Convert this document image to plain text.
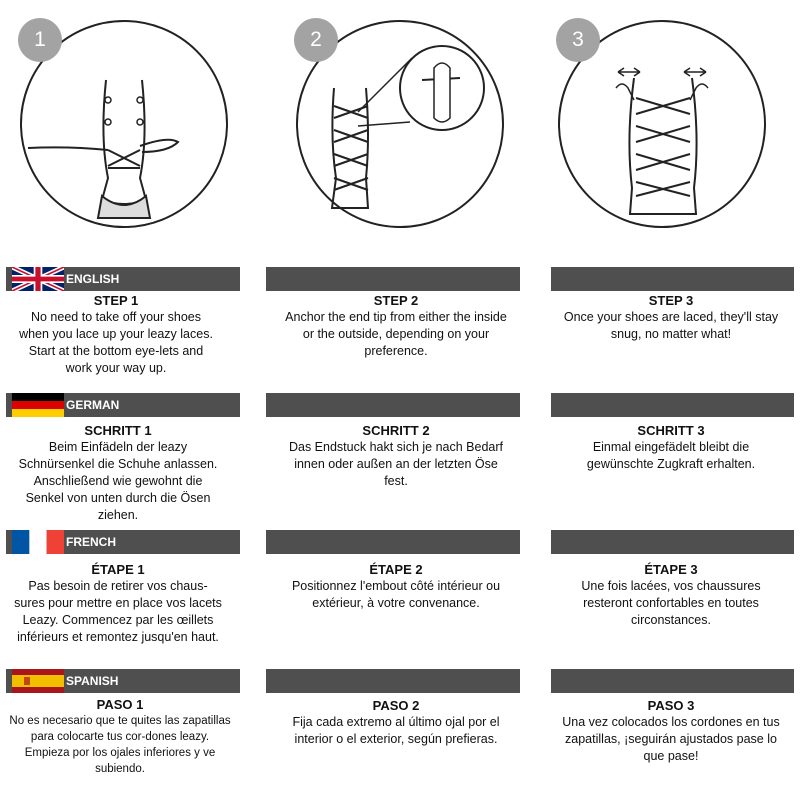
1	2	3
ENGLISH
STEP 1
No need to take off your shoes when you lace up your leazy laces. Start at the bottom eye-lets and work your way up.
STEP 2
Anchor the end tip from either the inside or the outside, depending on your preference.
STEP 3
Once your shoes are laced, they'll stay snug, no matter what!
GERMAN
SCHRITT 1
Beim Einfädeln der leazy Schnürsenkel die Schuhe anlassen. Anschließend wie gewohnt die Senkel von unten durch die Ösen ziehen.
SCHRITT 2
Das Endstuck hakt sich je nach Bedarf innen oder außen an der letzten Öse fest.
SCHRITT 3
Einmal eingefädelt bleibt die gewünschte Zugkraft erhalten.
FRENCH
ÉTAPE 1
Pas besoin de retirer vos chaus-sures pour mettre en place vos lacets Leazy. Commencez par les œillets inférieurs et remontez jusqu'en haut.
ÉTAPE 2
Positionnez l'embout côté intérieur ou extérieur, à votre convenance.
ÉTAPE 3
Une fois lacées, vos chaussures resteront confortables en toutes circonstances.
SPANISH
PASO 1
No es necesario que te quites las zapatillas para colocarte tus cor-dones leazy. Empieza por los ojales inferiores y ve subiendo.
PASO 2
Fija cada extremo al último ojal por el interior o el exterior, según prefieras.
PASO 3
Una vez colocados los cordones en tus zapatillas, ¡seguirán ajustados pase lo que pase!
